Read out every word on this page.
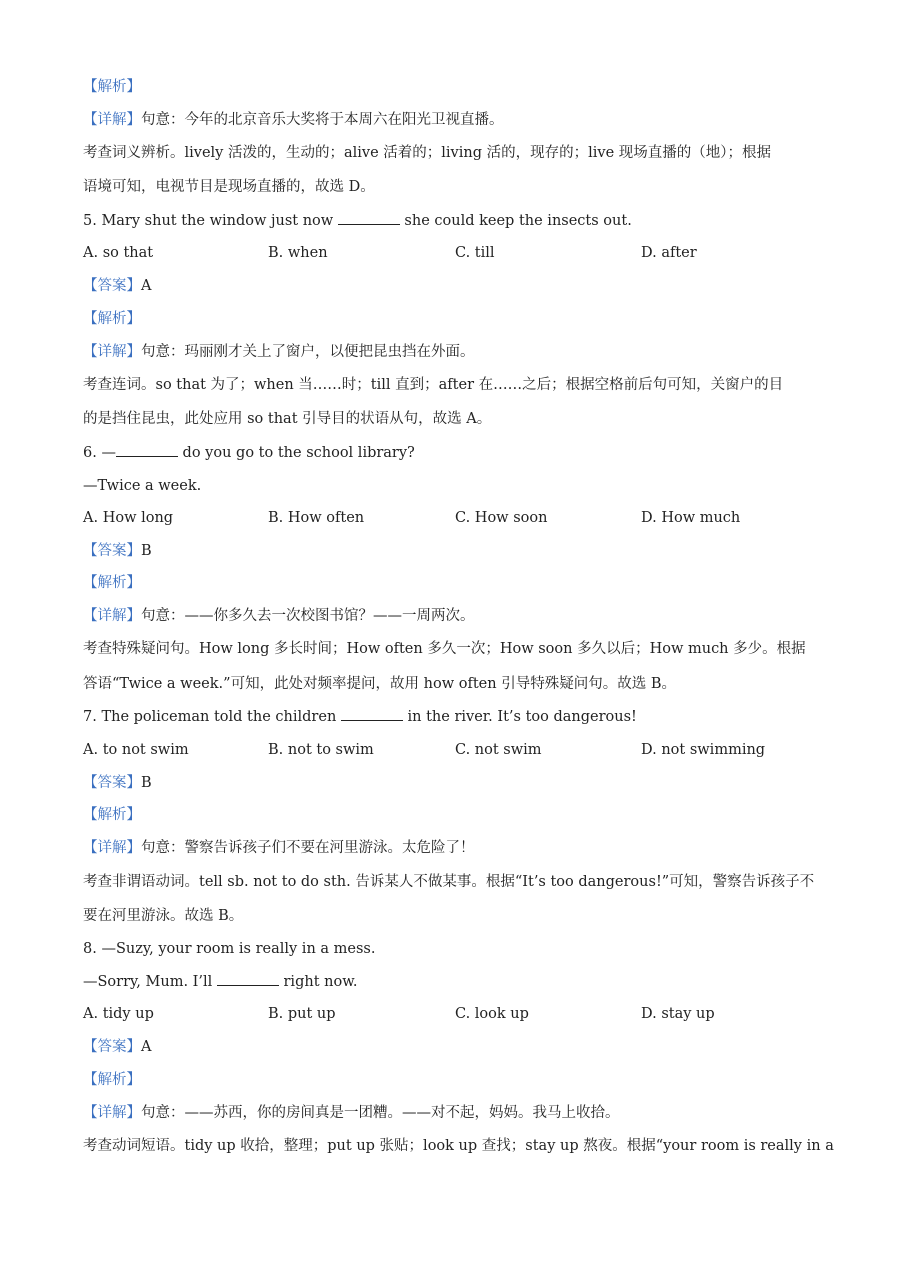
【解析】
【详解】句意：今年的北京音乐大奖将于本周六在阳光卫视直播。
考查词义辨析。lively 活泼的，生动的；alive 活着的；living 活的，现存的；live 现场直播的（地）；根据
语境可知，电视节目是现场直播的，故选 D。
5. Mary shut the window just now	she could keep the insects out.
A. so that	B. when	C. till	D. after
【答案】A
【解析】
【详解】句意：玛丽刚才关上了窗户，以便把昆虫挡在外面。
考查连词。so that 为了；when 当……时；till 直到；after 在……之后；根据空格前后句可知，关窗户的目
的是挡住昆虫，此处应用 so that 引导目的状语从句，故选 A。
6. —	do you go to the school library?
—Twice a week.
A. How long	B. How often	C. How soon	D. How much
【答案】B
【解析】
【详解】句意：——你多久去一次校图书馆？——一周两次。
考查特殊疑问句。How long 多长时间；How often 多久一次；How soon 多久以后；How much 多少。根据
答语“Twice a week.”可知，此处对频率提问，故用 how often 引导特殊疑问句。故选 B。
7. The policeman told the children	in the river. It’s too dangerous!
A. to not swim	B. not to swim	C. not swim	D. not swimming
【答案】B
【解析】
【详解】句意：警察告诉孩子们不要在河里游泳。太危险了！
考查非谓语动词。tell sb. not to do sth. 告诉某人不做某事。根据“It’s too dangerous!”可知，警察告诉孩子不
要在河里游泳。故选 B。
8. —Suzy, your room is really in a mess.
—Sorry, Mum. I’ll	right now.
A. tidy up	B. put up	C. look up	D. stay up
【答案】A
【解析】
【详解】句意：——苏西，你的房间真是一团糟。——对不起，妈妈。我马上收拾。
考查动词短语。tidy up 收拾，整理；put up 张贴；look up 查找；stay up 熬夜。根据“your room is really in a
